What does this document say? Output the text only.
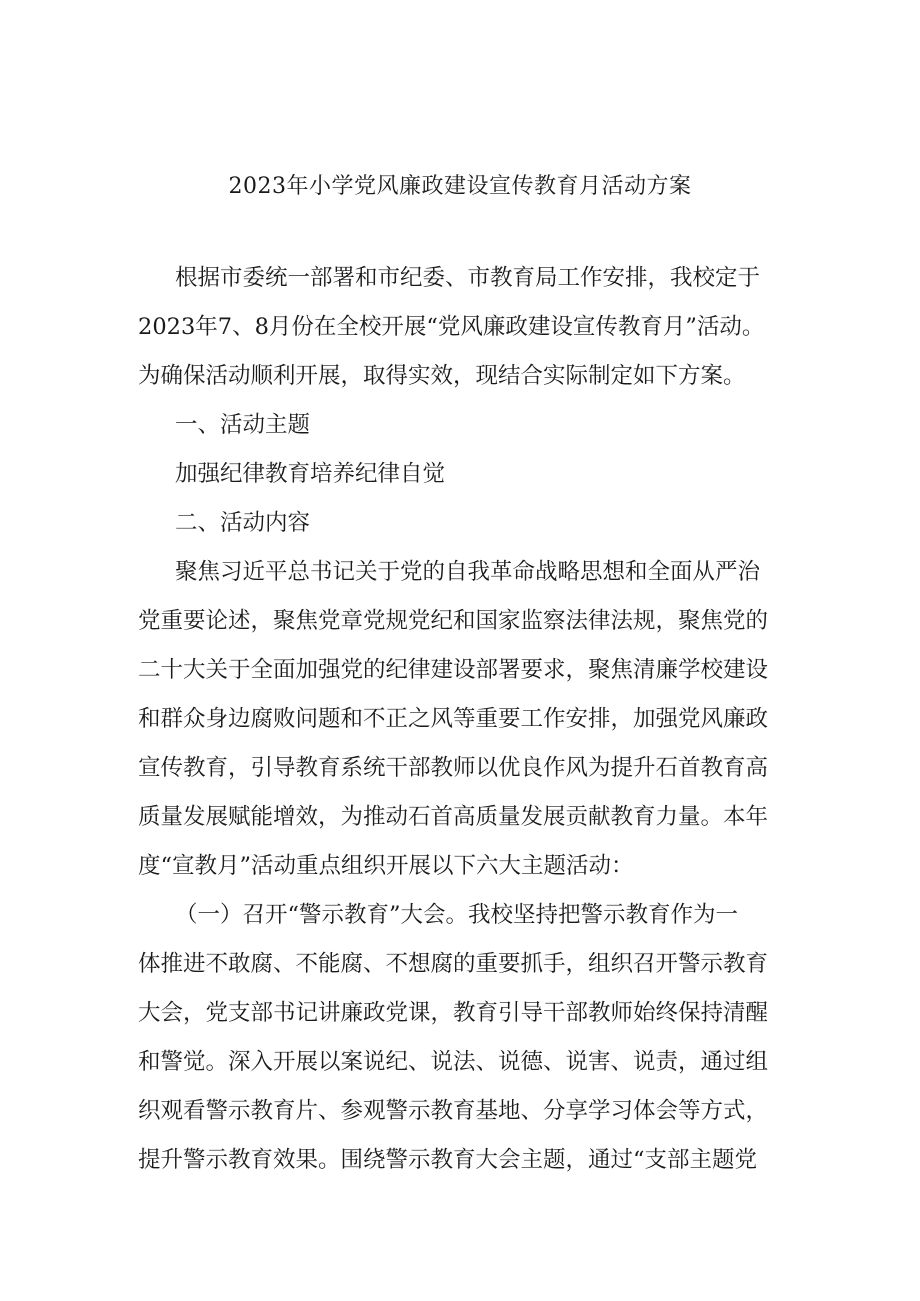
2023年小学党风廉政建设宣传教育月活动方案

根据市委统一部署和市纪委、市教育局工作安排，我校定于

2023年7、8月份在全校开展“党风廉政建设宣传教育月”活动。

为确保活动顺利开展，取得实效，现结合实际制定如下方案。

一、活动主题

加强纪律教育培养纪律自觉

二、活动内容

聚焦习近平总书记关于党的自我革命战略思想和全面从严治

党重要论述，聚焦党章党规党纪和国家监察法律法规，聚焦党的

二十大关于全面加强党的纪律建设部署要求，聚焦清廉学校建设

和群众身边腐败问题和不正之风等重要工作安排，加强党风廉政

宣传教育，引导教育系统干部教师以优良作风为提升石首教育高

质量发展赋能增效，为推动石首高质量发展贡献教育力量。本年

度“宣教月”活动重点组织开展以下六大主题活动：

（一）召开“警示教育”大会。我校坚持把警示教育作为一

体推进不敢腐、不能腐、不想腐的重要抓手，组织召开警示教育

大会，党支部书记讲廉政党课，教育引导干部教师始终保持清醒

和警觉。深入开展以案说纪、说法、说德、说害、说责，通过组

织观看警示教育片、参观警示教育基地、分享学习体会等方式，

提升警示教育效果。围绕警示教育大会主题，通过“支部主题党
